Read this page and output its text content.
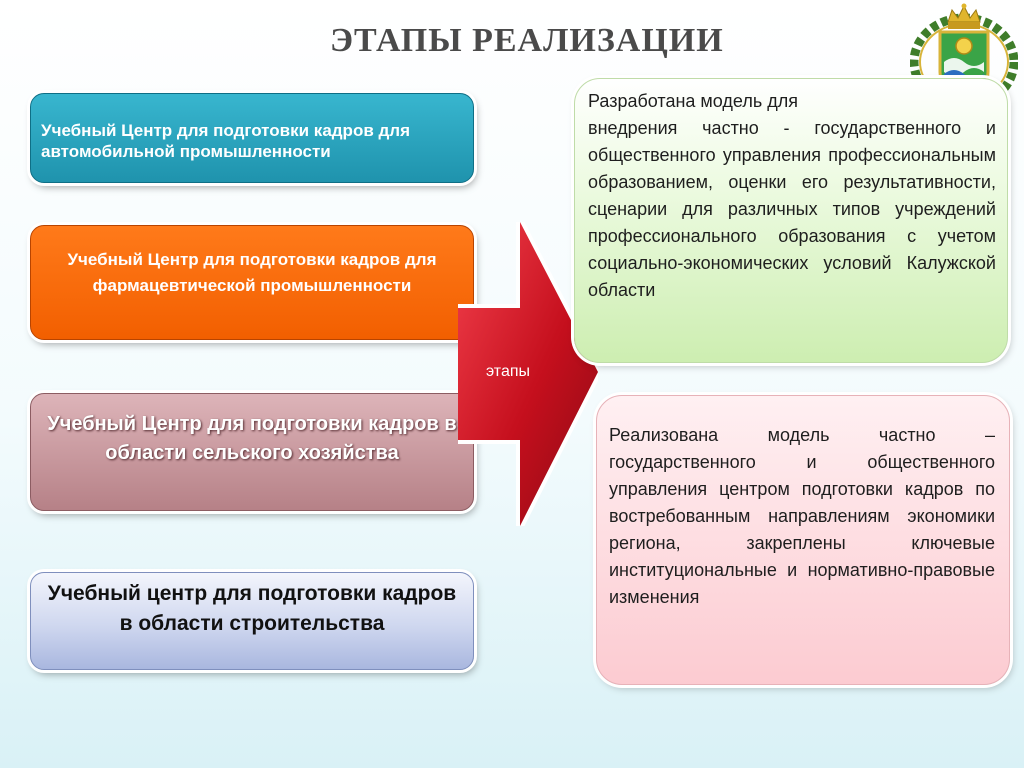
ЭТАПЫ РЕАЛИЗАЦИИ
Учебный Центр для подготовки кадров для автомобильной промышленности
Учебный Центр для подготовки кадров для фармацевтической промышленности
Учебный Центр для подготовки кадров в области сельского хозяйства
Учебный центр для подготовки кадров в области строительства
этапы
Разработана модель для
внедрения частно - государственного и общественного управления профессиональным образованием, оценки его результативности, сценарии для различных типов учреждений профессионального образования с учетом социально-экономических условий Калужской области
Реализована модель частно – государственного и общественного управления центром подготовки кадров по востребованным направлениям экономики региона, закреплены ключевые институциональные и нормативно-правовые изменения
